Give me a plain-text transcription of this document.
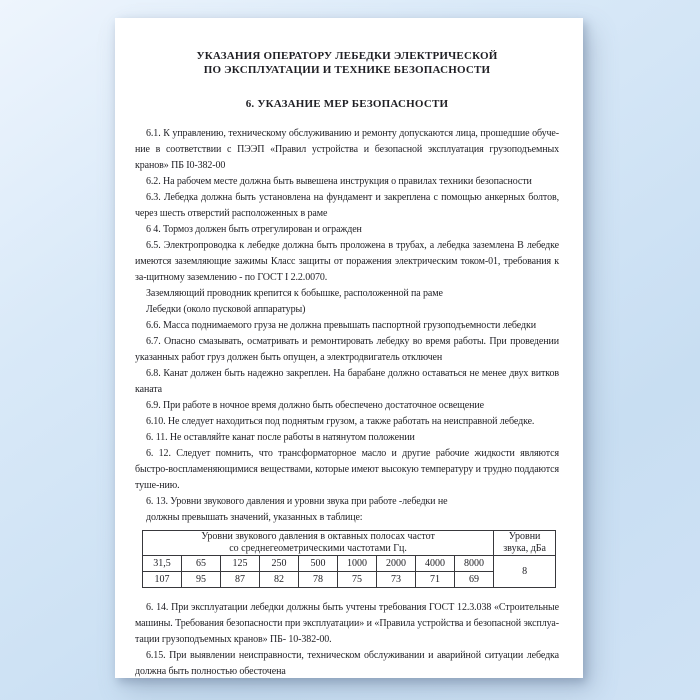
УКАЗАНИЯ ОПЕРАТОРУ ЛЕБЕДКИ ЭЛЕКТРИЧЕСКОЙ
ПО ЭКСПЛУАТАЦИИ И ТЕХНИКЕ БЕЗОПАСНОСТИ
6. УКАЗАНИЕ МЕР БЕЗОПАСНОСТИ

6.1. К управлению, техническому обслуживанию и ремонту допускаются лица, прошедшие обуче-ние в соответствии с ПЭЭП «Правил устройства и безопасной эксплуатация грузоподъемных кранов» ПБ I0-382-00

6.2. На рабочем месте должна быть вывешена инструкция о правилах техники безопасности

6.3. Лебедка должна быть установлена на фундамент и закреплена с помощью анкерных болтов, через шесть отверстий расположенных в раме

6 4. Тормоз должен быть отрегулирован и огражден

6.5. Электропроводка к лебедке должна быть проложена в трубах, а лебедка заземлена В лебедке имеются заземляющие зажимы Класс защиты от поражения электрическим током-01, требования к за-щитному заземлению - по ГОСТ I 2.2.0070.

Заземляющий проводник крепится к бобышке, расположенной па раме

Лебедки (около пусковой аппаратуры)

6.6. Масса поднимаемого груза не должна превышать паспортной грузоподъемности лебедки

6.7. Опасно смазывать, осматривать и ремонтировать лебедку во время работы. При проведении указанных работ груз должен быть опущен, а электродвигатель отключен

6.8. Канат должен быть надежно закреплен. На барабане должно оставаться не менее двух витков каната

6.9. При работе в ночное время должно быть обеспечено достаточное освещение

6.10. Не следует находиться под поднятым грузом, а также работать на неисправной лебедке.

6. 11. Не оставляйте канат после работы в натянутом положении

6. 12. Следует помнить, что трансформаторное масло и другие рабочие жидкости являются быстро-воспламеняющимися веществами, которые имеют высокую температуру и трудно поддаются туше-нию.

6. 13. Уровни звукового давления и уровни звука при работе -лебедки не
должны превышать значений, указанных в таблице:
Уровни звукового давления в октавных полосах частот
со среднегеометрическими частотами Гц.

Уровни
звука, дБа

31,5	65	125	250	500	1000	2000	4000	8000	8
107	95	87	82	78	75	73	71	69	

6. 14. При эксплуатации лебедки должны быть учтены требования ГОСТ 12.3.038 «Строительные машины. Требования безопасности при эксплуатации» и «Правила устройства и безопасной эксплуа-тации грузоподъемных кранов» ПБ- 10-382-00.

6.15. При выявлении неисправности, техническом обслуживании и аварийной ситуации лебедка должна быть полностью обесточена
